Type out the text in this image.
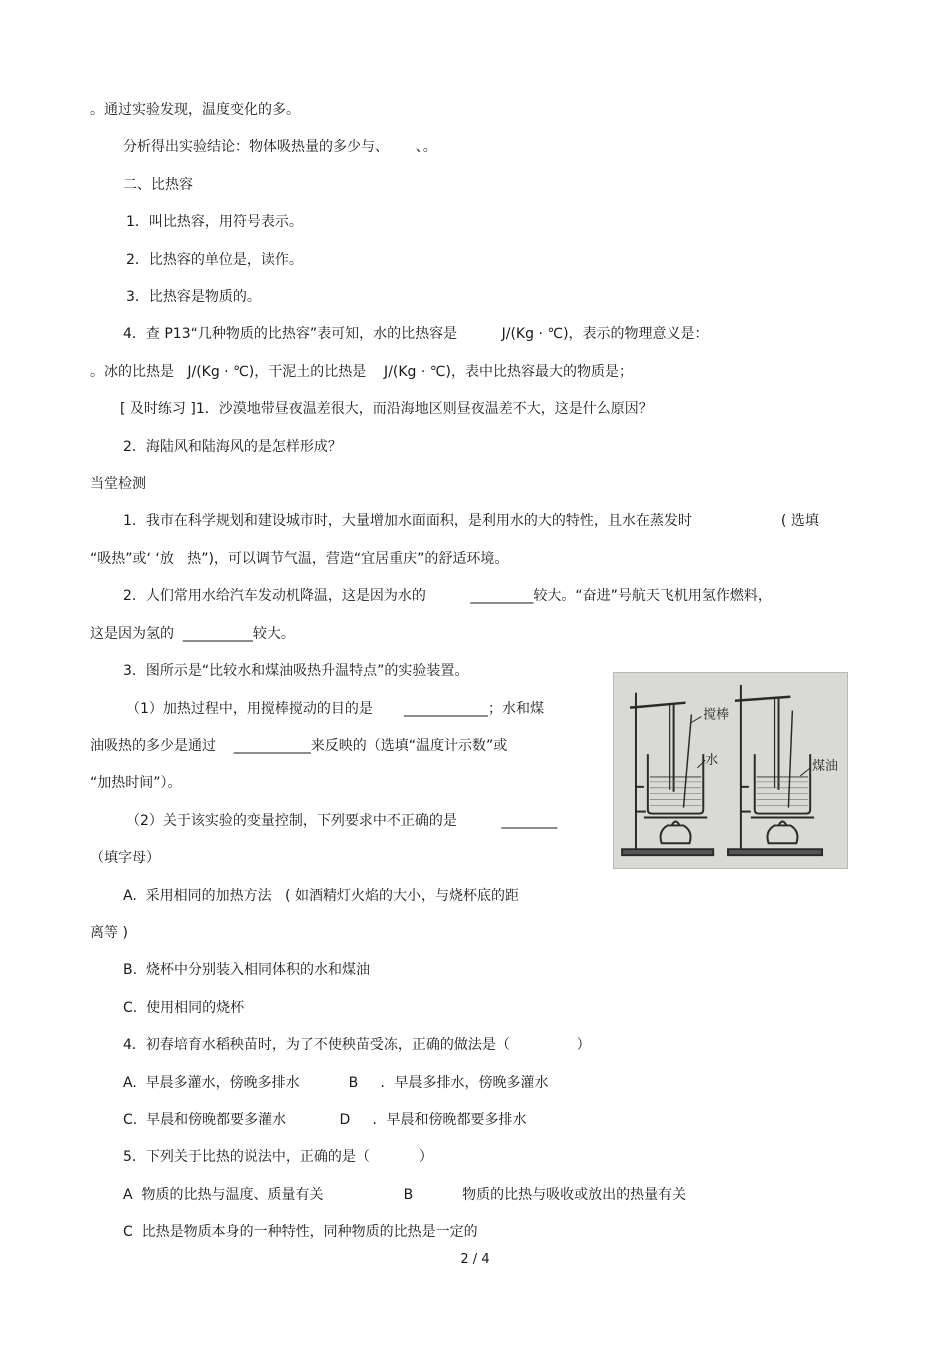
。通过实验发现，温度变化的多。
分析得出实验结论：物体吸热量的多少与、      、。
二、比热容
1．叫比热容，用符号表示。
2．比热容的单位是，读作。
3．比热容是物质的。
4．查 P13“几种物质的比热容”表可知，水的比热容是          J/(Kg · ℃)，表示的物理意义是：
。冰的比热是   J/(Kg · ℃)，干泥土的比热是    J/(Kg · ℃)，表中比热容最大的物质是；
[ 及时练习 ]1．沙漠地带昼夜温差很大，而沿海地区则昼夜温差不大，这是什么原因？
2．海陆风和陆海风的是怎样形成？
当堂检测
1．我市在科学规划和建设城市时，大量增加水面面积，是利用水的大的特性，且水在蒸发时                    ( 选填
“吸热”或‘ ‘放   热”)，可以调节气温，营造“宜居重庆”的舒适环境。
2．人们常用水给汽车发动机降温，这是因为水的          _________较大。“奋进”号航天飞机用氢作燃料，
这是因为氢的  __________较大。
3．图所示是“比较水和煤油吸热升温特点”的实验装置。
（1）加热过程中，用搅棒搅动的目的是       ____________；水和煤
油吸热的多少是通过    ___________来反映的（选填“温度计示数”或
“加热时间”）。
（2）关于该实验的变量控制，下列要求中不正确的是          ________
（填字母）
A.  采用相同的加热方法   ( 如酒精灯火焰的大小，与烧杯底的距
离等 )
B.  烧杯中分别装入相同体积的水和煤油
C.  使用相同的烧杯
4．初春培育水稻秧苗时，为了不使秧苗受冻，正确的做法是（               ）
A.  早晨多灌水，傍晚多排水           B     ．早晨多排水，傍晚多灌水
C.  早晨和傍晚都要多灌水            D     ．早晨和傍晚都要多排水
5．下列关于比热的说法中，正确的是（           ）
A  物质的比热与温度、质量有关                  B           物质的比热与吸收或放出的热量有关
C  比热是物质本身的一种特性，同种物质的比热是一定的
搅棒
水	煤油
2 / 4
